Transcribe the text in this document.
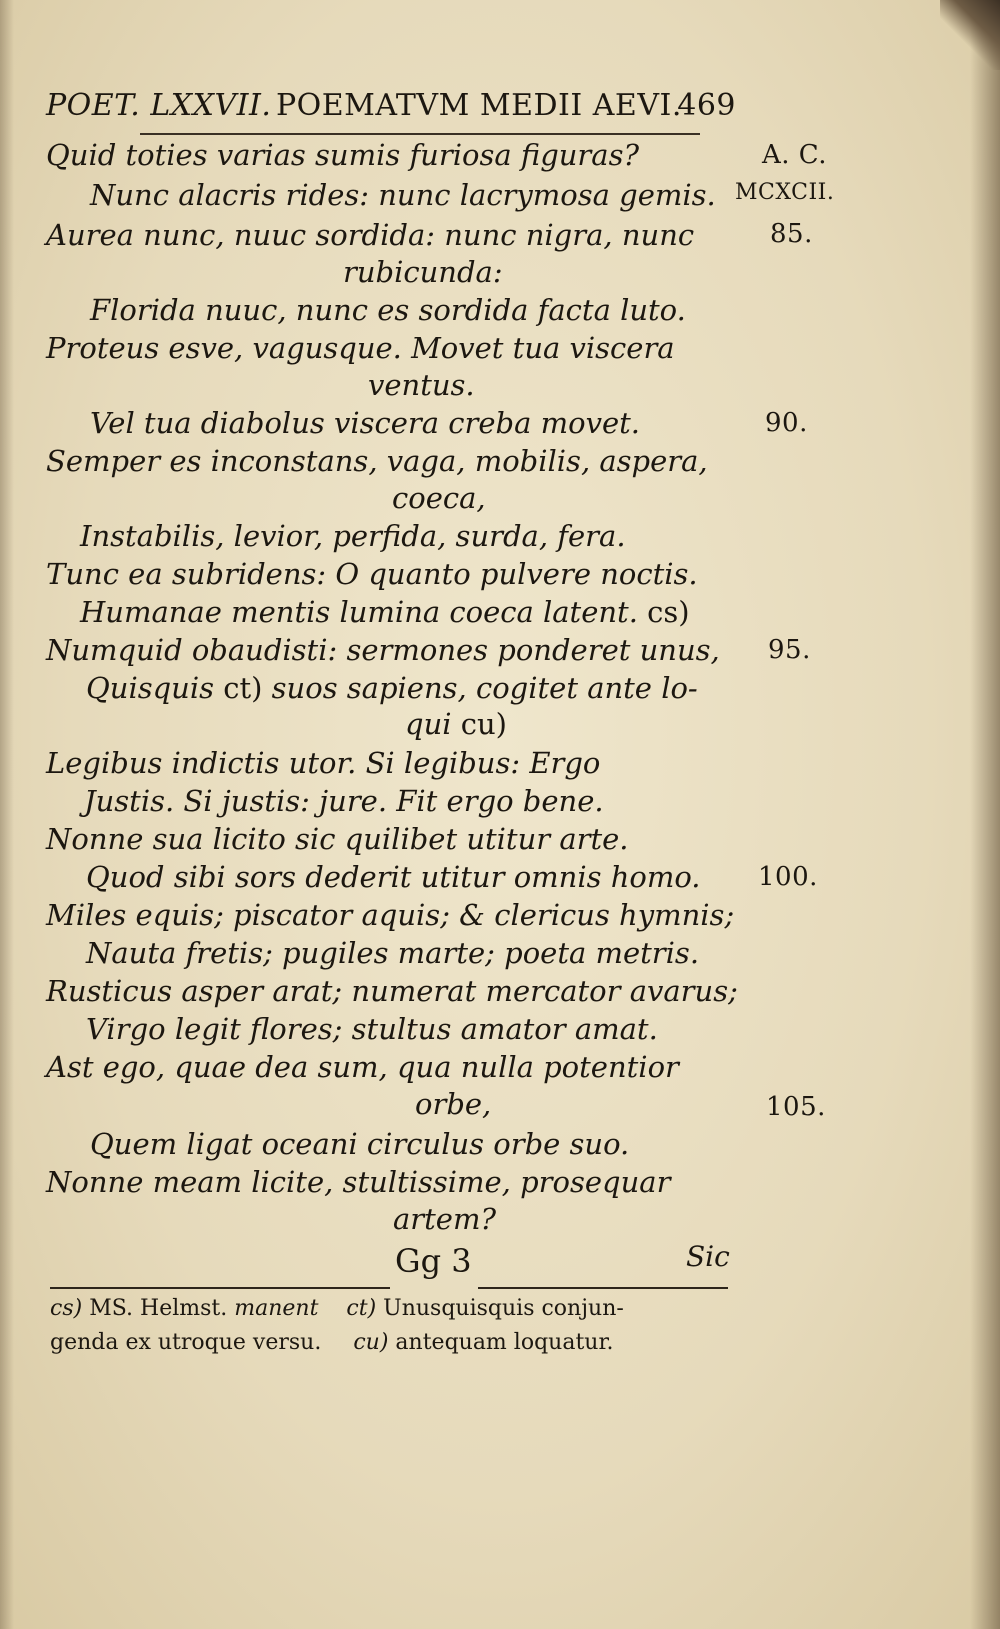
POET. LXXVII. POEMATVM MEDII AEVI.
469
A. C.
MCXCII.
Quid toties varias sumis furiosa figuras?
Nunc alacris rides: nunc lacrymosa gemis.
Aurea nunc, nuuc sordida: nunc nigra, nunc	85.
rubicunda:
Florida nuuc, nunc es sordida facta luto.
Proteus esve, vagusque. Movet tua viscera
ventus.
Vel tua diabolus viscera creba movet.	90.
Semper es inconstans, vaga, mobilis, aspera,
coeca,
Instabilis, levior, perfida, surda, fera.
Tunc ea subridens: O quanto pulvere noctis.
Humanae mentis lumina coeca latent. cs)
Numquid obaudisti: sermones ponderet unus, 95.
Quisquis ct) suos sapiens, cogitet ante lo-
qui cu)
Legibus indictis utor. Si legibus: Ergo
Justis. Si justis: jure. Fit ergo bene.
Nonne sua licito sic quilibet utitur arte.
Quod sibi sors dederit utitur omnis homo. 100.
Miles equis; piscator aquis; & clericus hymnis;
Nauta fretis; pugiles marte; poeta metris.
Rusticus asper arat; numerat mercator avarus;
Virgo legit flores; stultus amator amat.
Ast ego, quae dea sum, qua nulla potentior
orbe,	105.
Quem ligat oceani circulus orbe suo.
Nonne meam licite, stultissime, prosequar
artem?
Gg 3	Sic
cs) MS. Helmst. manent ct) Unusquisquis conjun-
genda ex utroque versu. cu) antequam loquatur.
